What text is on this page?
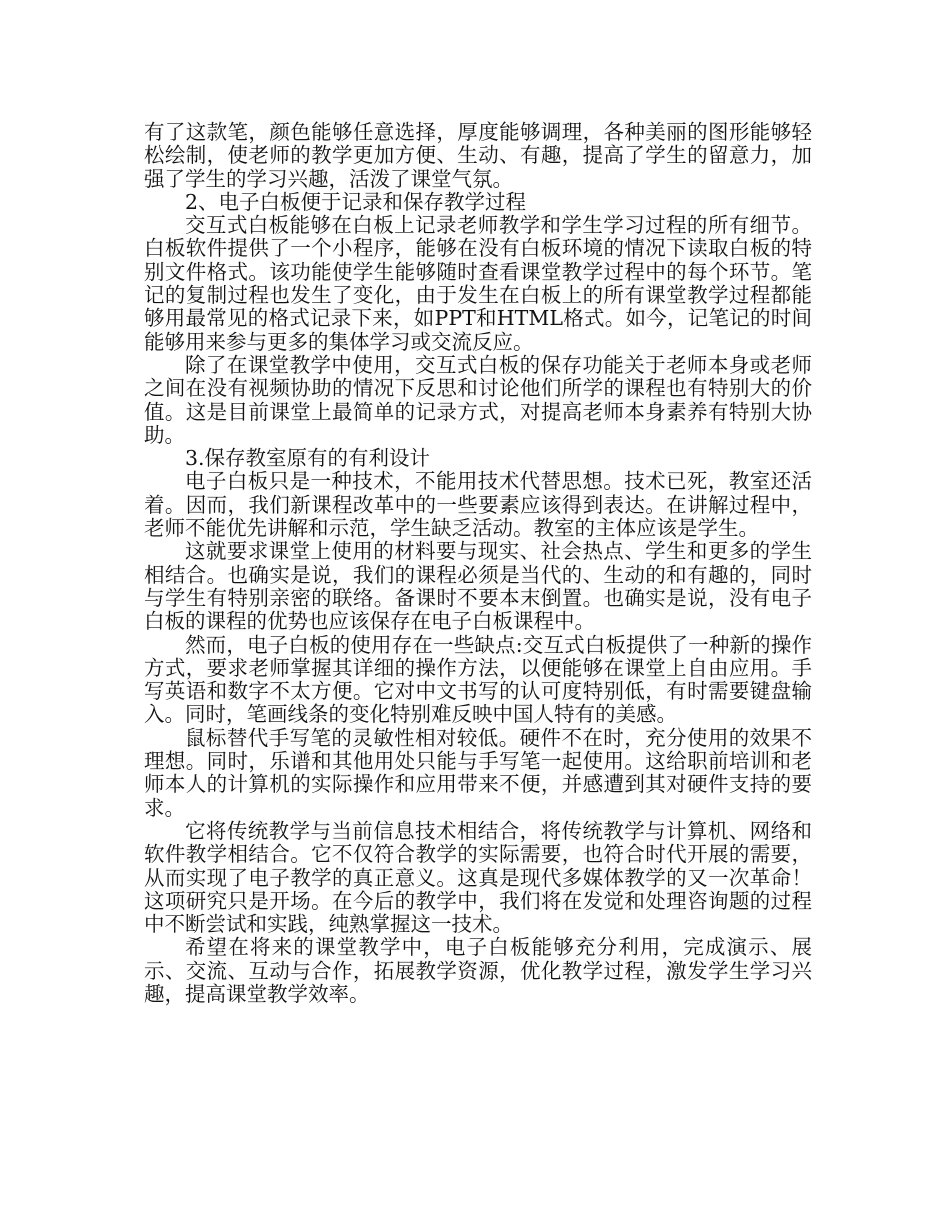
有了这款笔，颜色能够任意选择，厚度能够调理，各种美丽的图形能够轻松绘制，使老师的教学更加方便、生动、有趣，提高了学生的留意力，加强了学生的学习兴趣，活泼了课堂气氛。

2、电子白板便于记录和保存教学过程

交互式白板能够在白板上记录老师教学和学生学习过程的所有细节。白板软件提供了一个小程序，能够在没有白板环境的情况下读取白板的特别文件格式。该功能使学生能够随时查看课堂教学过程中的每个环节。笔记的复制过程也发生了变化，由于发生在白板上的所有课堂教学过程都能够用最常见的格式记录下来，如PPT和HTML格式。如今，记笔记的时间能够用来参与更多的集体学习或交流反应。

除了在课堂教学中使用，交互式白板的保存功能关于老师本身或老师之间在没有视频协助的情况下反思和讨论他们所学的课程也有特别大的价值。这是目前课堂上最简单的记录方式，对提高老师本身素养有特别大协助。

3.保存教室原有的有利设计

电子白板只是一种技术，不能用技术代替思想。技术已死，教室还活着。因而，我们新课程改革中的一些要素应该得到表达。在讲解过程中，老师不能优先讲解和示范，学生缺乏活动。教室的主体应该是学生。

这就要求课堂上使用的材料要与现实、社会热点、学生和更多的学生相结合。也确实是说，我们的课程必须是当代的、生动的和有趣的，同时与学生有特别亲密的联络。备课时不要本末倒置。也确实是说，没有电子白板的课程的优势也应该保存在电子白板课程中。

然而，电子白板的使用存在一些缺点:交互式白板提供了一种新的操作方式，要求老师掌握其详细的操作方法，以便能够在课堂上自由应用。手写英语和数字不太方便。它对中文书写的认可度特别低，有时需要键盘输入。同时，笔画线条的变化特别难反映中国人特有的美感。

鼠标替代手写笔的灵敏性相对较低。硬件不在时，充分使用的效果不理想。同时，乐谱和其他用处只能与手写笔一起使用。这给职前培训和老师本人的计算机的实际操作和应用带来不便，并感遭到其对硬件支持的要求。

它将传统教学与当前信息技术相结合，将传统教学与计算机、网络和软件教学相结合。它不仅符合教学的实际需要，也符合时代开展的需要，从而实现了电子教学的真正意义。这真是现代多媒体教学的又一次革命！这项研究只是开场。在今后的教学中，我们将在发觉和处理咨询题的过程中不断尝试和实践，纯熟掌握这一技术。

希望在将来的课堂教学中，电子白板能够充分利用，完成演示、展示、交流、互动与合作，拓展教学资源，优化教学过程，激发学生学习兴趣，提高课堂教学效率。
